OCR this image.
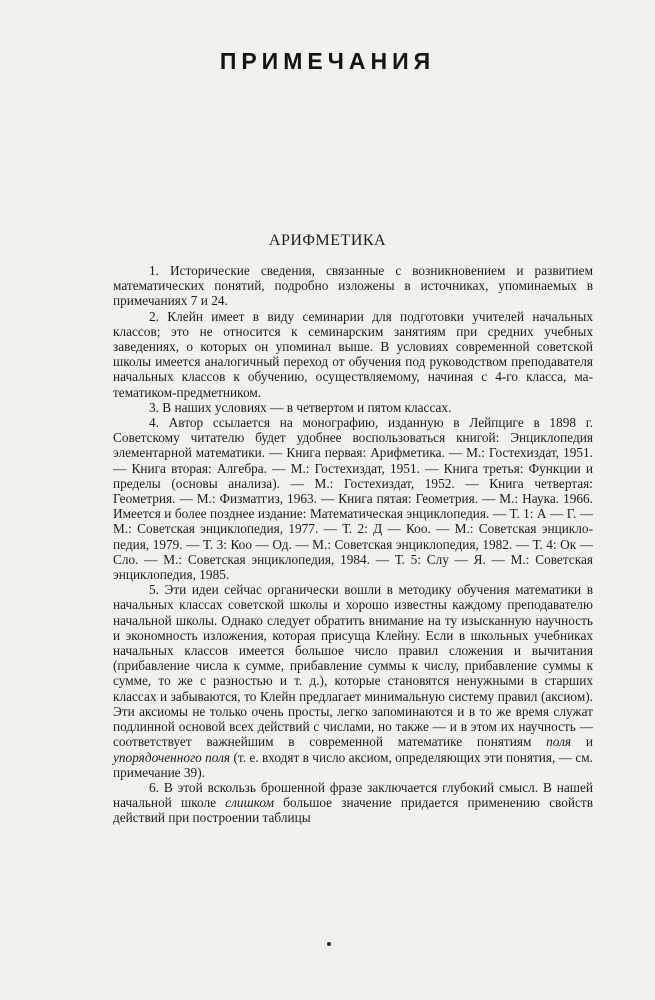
ПРИМЕЧАНИЯ
АРИФМЕТИКА

1. Исторические сведения, связанные с возникновением и развитием математических понятий, подробно изложены в источниках, упоминаемых в примечаниях 7 и 24.

2. Клейн имеет в виду семинарии для подготовки учителей начальных классов; это не относится к семинарским занятиям при средних учебных заведениях, о которых он упоминал выше. В условиях современной советской школы имеется аналогичный переход от обучения под руководством преподавателя начальных классов к обучению, осуществляемому, начиная с 4-го класса, математиком-предметником.

3. В наших условиях — в четвертом и пятом классах.

4. Автор ссылается на монографию, изданную в Лейпциге в 1898 г. Советскому читателю будет удобнее воспользоваться книгой: Энциклопедия элементарной математики. — Книга первая: Арифметика. — М.: Гостехиздат, 1951. — Книга вторая: Алгебра. — М.: Гостехиздат, 1951. — Книга третья: Функции и пределы (основы анализа). — М.: Гостехиздат, 1952. — Книга четвертая: Геометрия. — М.: Физматгиз, 1963. — Книга пятая: Геометрия. — М.: Наука. 1966. Имеется и более позднее издание: Математическая энциклопедия. — Т. 1: А — Г. — М.: Советская энциклопедия, 1977. — Т. 2: Д — Коо. — М.: Советская энциклопедия, 1979. — Т. 3: Коо — Од. — М.: Советская энциклопедия, 1982. — Т. 4: Ок — Сло. — М.: Советская энциклопедия, 1984. — Т. 5: Слу — Я. — М.: Советская энциклопедия, 1985.

5. Эти идеи сейчас органически вошли в методику обучения математики в начальных классах советской школы и хорошо известны каждому преподавателю начальной школы. Однако следует обратить внимание на ту изысканную научность и экономность изложения, которая присуща Клейну. Если в школьных учебниках начальных классов имеется большое число правил сложения и вычитания (прибавление числа к сумме, прибавление суммы к числу, прибавление суммы к сумме, то же с разностью и т. д.), которые становятся ненужными в старших классах и забываются, то Клейн предлагает минимальную систему правил (аксиом). Эти аксиомы не только очень просты, легко запоминаются и в то же время служат подлинной основой всех действий с числами, но также — и в этом их научность — соответствует важнейшим в современной математике понятиям поля и упорядоченного поля (т. е. входят в число аксиом, определяющих эти понятия, — см. примечание 39).

6. В этой вскользь брошенной фразе заключается глубокий смысл. В нашей начальной школе слишком большое значение придается применению свойств действий при построении таблицы
